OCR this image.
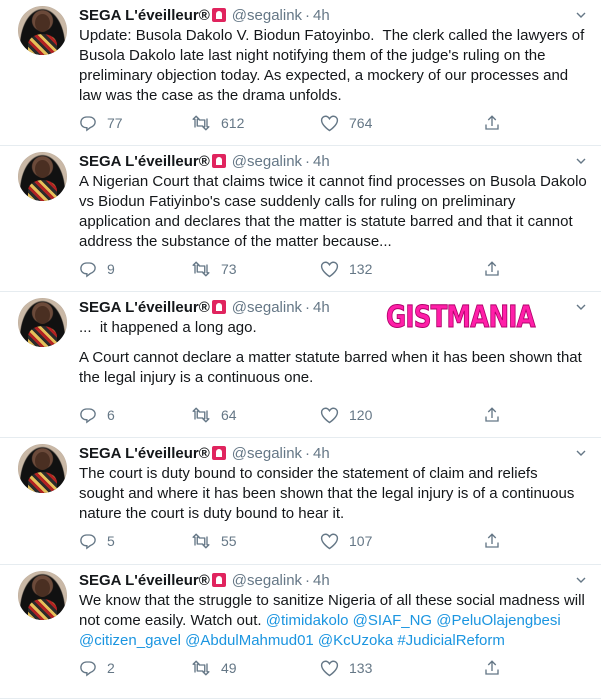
SEGA L'éveilleur® @segalink · 4h

Update: Busola Dakolo V. Biodun Fatoyinbo.  The clerk called the lawyers of

Busola Dakolo late last night notifying them of the judge's ruling on the

preliminary objection today. As expected, a mockery of our processes and

law was the case as the drama unfolds.

77	612	764
SEGA L'éveilleur® @segalink · 4h

A Nigerian Court that claims twice it cannot find processes on Busola Dakolo

vs Biodun Fatiyinbo's case suddenly calls for ruling on preliminary

application and declares that the matter is statute barred and that it cannot

address the substance of the matter because...

9	73	132
SEGA L'éveilleur® @segalink · 4h

...  it happened a long ago.

A Court cannot declare a matter statute barred when it has been shown that

the legal injury is a continuous one.

6	64	120
SEGA L'éveilleur® @segalink · 4h

The court is duty bound to consider the statement of claim and reliefs

sought and where it has been shown that the legal injury is of a continuous

nature the court is duty bound to hear it.

5	55	107
SEGA L'éveilleur® @segalink · 4h

We know that the struggle to sanitize Nigeria of all these social madness will

not come easily. Watch out. @timidakolo @SIAF_NG @PeluOlajengbesi

@citizen_gavel @AbdulMahmud01 @KcUzoka #JudicialReform

2	49	133
GISTMANIA
